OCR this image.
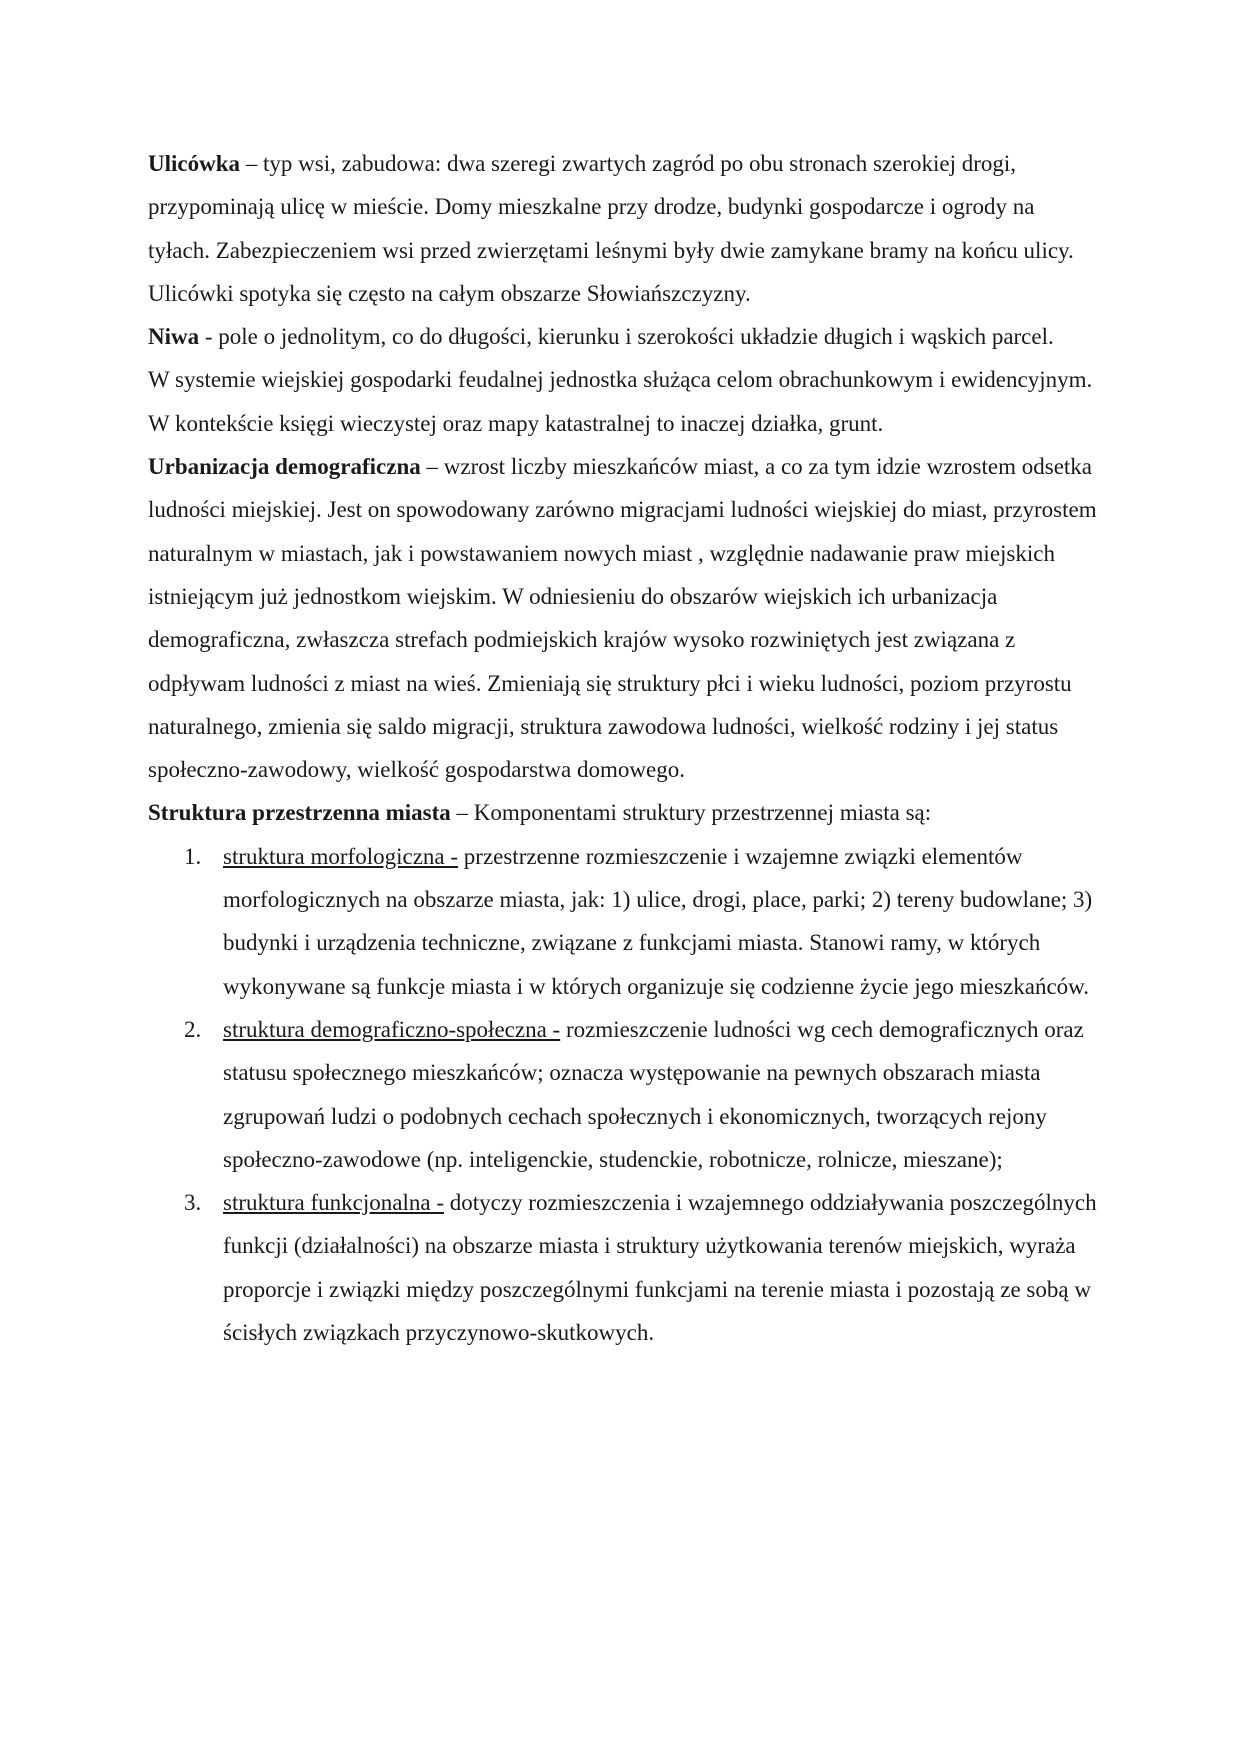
Ulicówka – typ wsi, zabudowa: dwa szeregi zwartych zagród po obu stronach szerokiej drogi, przypominają ulicę w mieście. Domy mieszkalne przy drodze, budynki gospodarcze i ogrody na tyłach. Zabezpieczeniem wsi przed zwierzętami leśnymi były dwie zamykane bramy na końcu ulicy. Ulicówki spotyka się często na całym obszarze Słowiańszczyzny.

Niwa - pole o jednolitym, co do długości, kierunku i szerokości układzie długich i wąskich parcel.

W systemie wiejskiej gospodarki feudalnej jednostka służąca celom obrachunkowym i ewidencyjnym. W kontekście księgi wieczystej oraz mapy katastralnej to inaczej działka, grunt.

Urbanizacja demograficzna – wzrost liczby mieszkańców miast, a co za tym idzie wzrostem odsetka ludności miejskiej. Jest on spowodowany zarówno migracjami ludności wiejskiej do miast, przyrostem naturalnym w miastach, jak i powstawaniem nowych miast , względnie nadawanie praw miejskich istniejącym już jednostkom wiejskim. W odniesieniu do obszarów wiejskich ich urbanizacja demograficzna, zwłaszcza strefach podmiejskich krajów wysoko rozwiniętych jest związana z odpływam ludności z miast na wieś. Zmieniają się struktury płci i wieku ludności, poziom przyrostu naturalnego, zmienia się saldo migracji, struktura zawodowa ludności, wielkość rodziny i jej status społeczno-zawodowy, wielkość gospodarstwa domowego.

Struktura przestrzenna miasta – Komponentami struktury przestrzennej miasta są:

1. struktura morfologiczna - przestrzenne rozmieszczenie i wzajemne związki elementów morfologicznych na obszarze miasta, jak: 1) ulice, drogi, place, parki; 2) tereny budowlane; 3) budynki i urządzenia techniczne, związane z funkcjami miasta. Stanowi ramy, w których wykonywane są funkcje miasta i w których organizuje się codzienne życie jego mieszkańców.
2. struktura demograficzno-społeczna - rozmieszczenie ludności wg cech demograficznych oraz statusu społecznego mieszkańców; oznacza występowanie na pewnych obszarach miasta zgrupowań ludzi o podobnych cechach społecznych i ekonomicznych, tworzących rejony społeczno-zawodowe (np. inteligenckie, studenckie, robotnicze, rolnicze, mieszane);
3. struktura funkcjonalna - dotyczy rozmieszczenia i wzajemnego oddziaływania poszczególnych funkcji (działalności) na obszarze miasta i struktury użytkowania terenów miejskich, wyraża proporcje i związki między poszczególnymi funkcjami na terenie miasta i pozostają ze sobą w ścisłych związkach przyczynowo-skutkowych.
